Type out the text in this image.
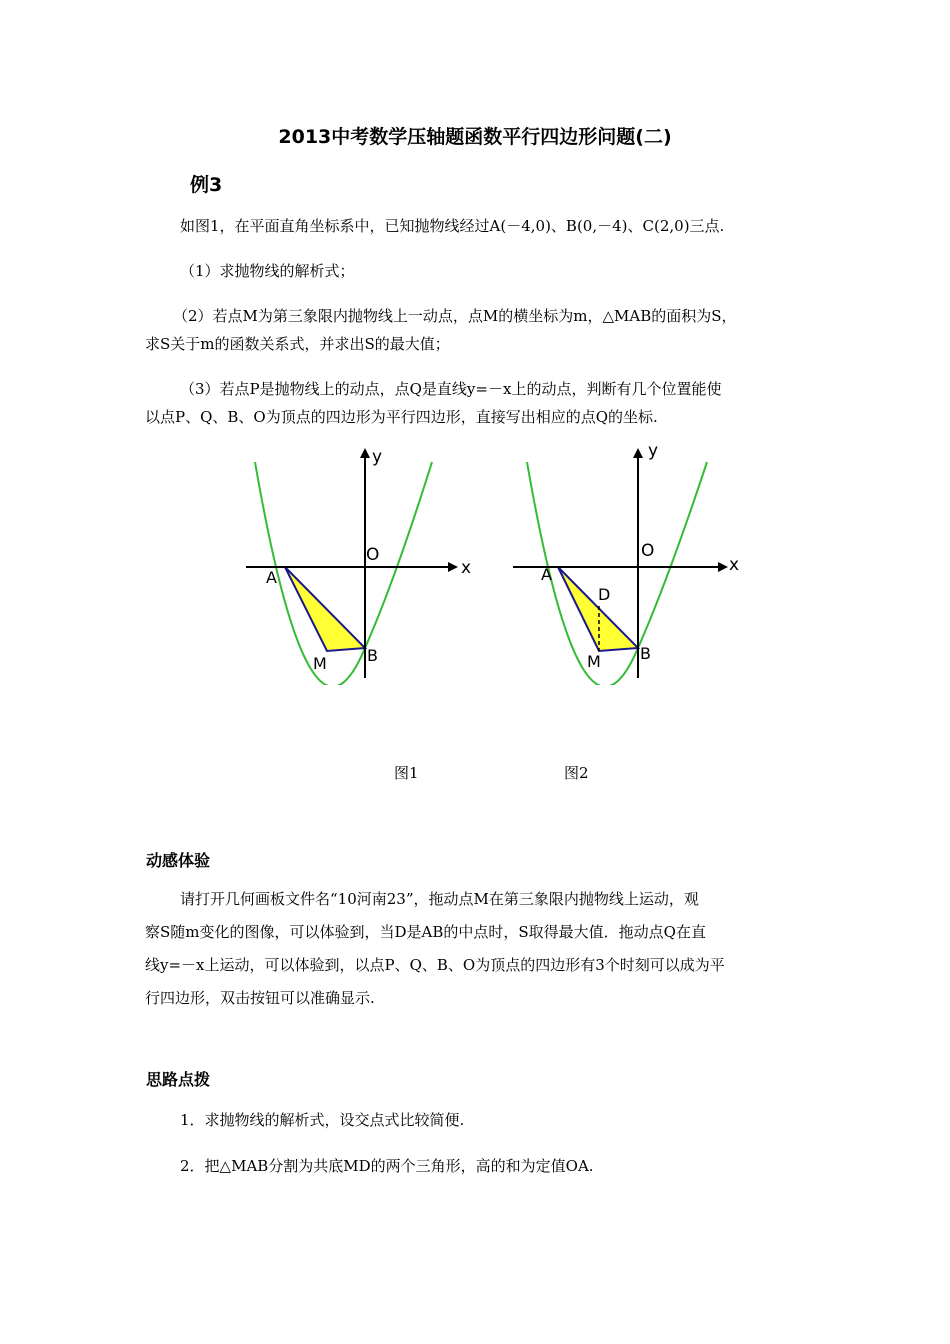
2013中考数学压轴题函数平行四边形问题(二)
例3
如图1，在平面直角坐标系中，已知抛物线经过A(－4,0)、B(0,－4)、C(2,0)三点.
（1）求抛物线的解析式；
（2）若点M为第三象限内抛物线上一动点，点M的横坐标为m，△MAB的面积为S，
求S关于m的函数关系式，并求出S的最大值；
（3）若点P是抛物线上的动点，点Q是直线y=－x上的动点，判断有几个位置能使
以点P、Q、B、O为顶点的四边形为平行四边形，直接写出相应的点Q的坐标.
y
x
O
A
B
M
y
x
O
A
D
B
M
图1	图2
动感体验
请打开几何画板文件名“10河南23”，拖动点M在第三象限内抛物线上运动，观
察S随m变化的图像，可以体验到，当D是AB的中点时，S取得最大值．拖动点Q在直
线y=－x上运动，可以体验到，以点P、Q、B、O为顶点的四边形有3个时刻可以成为平
行四边形，双击按钮可以准确显示.
思路点拨
1．求抛物线的解析式，设交点式比较简便.
2．把△MAB分割为共底MD的两个三角形，高的和为定值OA.
